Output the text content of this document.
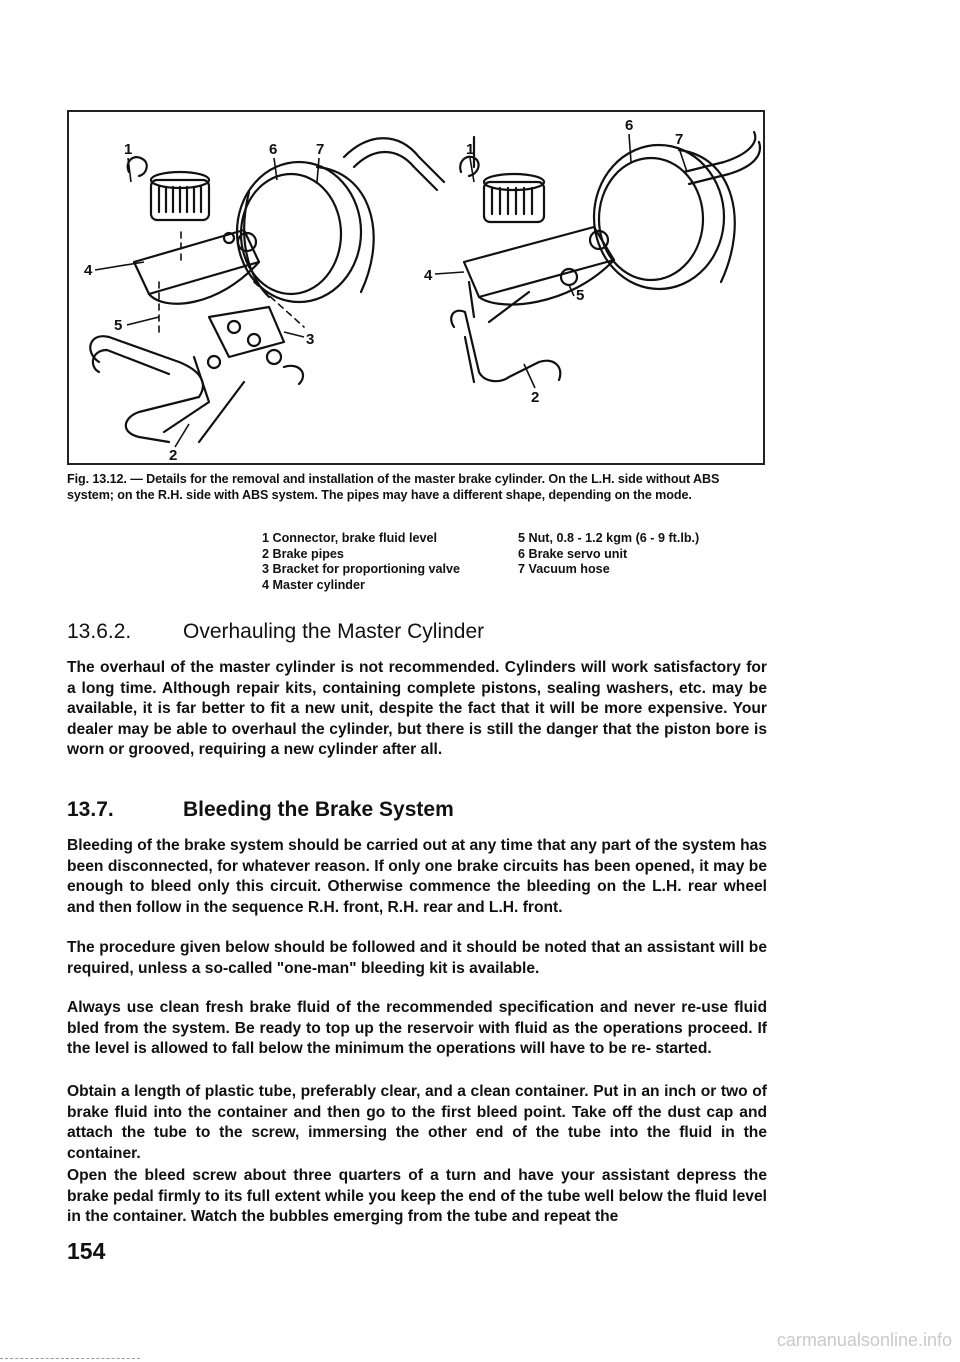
1	6	7
4
5
3
2
1
6
7
4
5
2
Fig. 13.12. — Details for the removal and installation of the master brake cylinder. On the L.H. side without ABS system; on the R.H. side with ABS system. The pipes may have a different shape, depending on the mode.
1 Connector, brake fluid level	5 Nut, 0.8 - 1.2 kgm (6 - 9 ft.lb.)
2 Brake pipes	6 Brake servo unit
3 Bracket for proportioning valve	7 Vacuum hose
4 Master cylinder
13.6.2.	Overhauling the Master Cylinder

The overhaul of the master cylinder is not recommended. Cylinders will work satisfactory for a long time. Although repair kits, containing complete pistons, sealing washers, etc. may be available, it is far better to fit a new unit, despite the fact that it will be more expensive. Your dealer may be able to overhaul the cylinder, but there is still the danger that the piston bore is worn or grooved, requiring a new cylinder after all.

13.7.	Bleeding the Brake System

Bleeding of the brake system should be carried out at any time that any part of the system has been disconnected, for whatever reason. If only one brake circuits has been opened, it may be enough to bleed only this circuit. Otherwise commence the bleeding on the L.H. rear wheel and then follow in the sequence R.H. front, R.H. rear and L.H. front.

The procedure given below should be followed and it should be noted that an assistant will be required, unless a so-called "one-man" bleeding kit is available.

Always use clean fresh brake fluid of the recommended specification and never re-use fluid bled from the system. Be ready to top up the reservoir with fluid as the operations proceed. If the level is allowed to fall below the minimum the operations will have to be re- started.

Obtain a length of plastic tube, preferably clear, and a clean container. Put in an inch or two of brake fluid into the container and then go to the first bleed point. Take off the dust cap and attach the tube to the screw, immersing the other end of the tube into the fluid in the container.

Open the bleed screw about three quarters of a turn and have your assistant depress the brake pedal firmly to its full extent while you keep the end of the tube well below the fluid level in the container. Watch the bubbles emerging from the tube and repeat the

154
carmanualsonline.info
